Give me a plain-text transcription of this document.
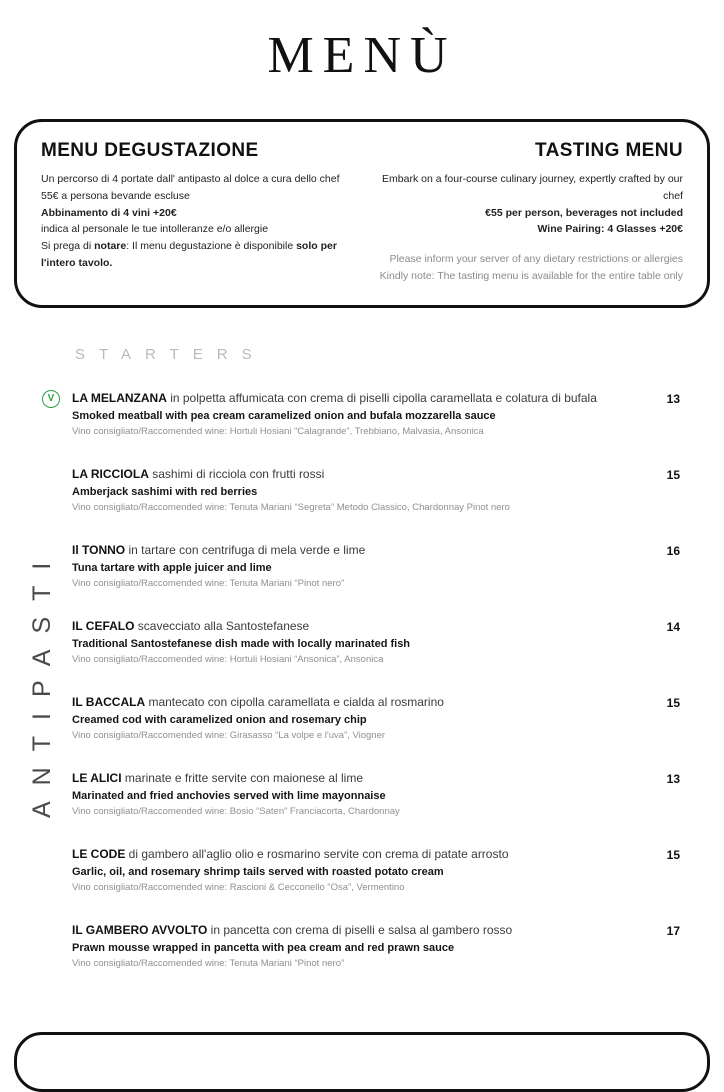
MENÙ
MENU DEGUSTAZIONE
Un percorso di 4 portate dall' antipasto al dolce a cura dello chef
55€ a persona bevande escluse
Abbinamento di 4 vini +20€
indica al personale le tue intolleranze e/o allergie
Si prega di notare: Il menu degustazione è disponibile solo per l'intero tavolo.
TASTING MENU
Embark on a four-course culinary journey, expertly crafted by our chef
€55 per person, beverages not included
Wine Pairing: 4 Glasses +20€
Please inform your server of any dietary restrictions or allergies
Kindly note: The tasting menu is available for the entire table only
STARTERS
ANTIPASTI
V	LA MELANZANA in polpetta affumicata con crema di piselli cipolla caramellata e colatura di bufala
Smoked meatball with pea cream caramelized onion and bufala mozzarella sauce
Vino consigliato/Raccomended wine: Hortuli Hosiani “Calagrande”, Trebbiano, Malvasia, Ansonica
13
LA RICCIOLA sashimi di ricciola con frutti rossi
Amberjack sashimi with red berries
Vino consigliato/Raccomended wine: Tenuta Mariani “Segreta” Metodo Classico, Chardonnay Pinot nero
15
Il TONNO in tartare con centrifuga di mela verde e lime
Tuna tartare with apple juicer and lime
Vino consigliato/Raccomended wine: Tenuta Mariani “Pinot nero”
16
IL CEFALO scavecciato alla Santostefanese
Traditional Santostefanese dish made with locally marinated fish
Vino consigliato/Raccomended wine: Hortuli Hosiani “Ansonica”, Ansonica
14
IL BACCALA mantecato con cipolla caramellata e cialda al rosmarino
Creamed cod with caramelized onion and rosemary chip
Vino consigliato/Raccomended wine: Girasasso “La volpe e l'uva”, Viogner
15
LE ALICI marinate e fritte servite con maionese al lime
Marinated and fried anchovies served with lime mayonnaise
Vino consigliato/Raccomended wine: Bosio “Saten” Franciacorta, Chardonnay
13
LE CODE di gambero all'aglio olio e rosmarino servite con crema di patate arrosto
Garlic, oil, and rosemary shrimp tails served with roasted potato cream
Vino consigliato/Raccomended wine: Rascioni & Cecconello “Osa”, Vermentino
15
IL GAMBERO AVVOLTO in pancetta con crema di piselli e salsa al gambero rosso
Prawn mousse wrapped in pancetta with pea cream and red prawn sauce
Vino consigliato/Raccomended wine: Tenuta Mariani “Pinot nero”
17
